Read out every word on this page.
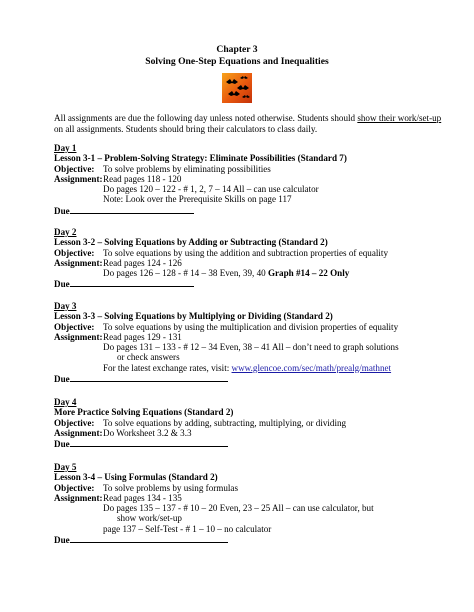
Chapter 3
Solving One-Step Equations and Inequalities
All assignments are due the following day unless noted otherwise. Students should show their work/set-up on all assignments. Students should bring their calculators to class daily.
Day 1
Lesson 3-1 – Problem-Solving Strategy: Eliminate Possibilities (Standard 7)
Objective: To solve problems by eliminating possibilities
Assignment: Read pages 118 - 120
Do pages 120 – 122 - # 1, 2, 7 – 14 All – can use calculator
Note: Look over the Prerequisite Skills on page 117
Due
Day 2
Lesson 3-2 – Solving Equations by Adding or Subtracting (Standard 2)
Objective: To solve equations by using the addition and subtraction properties of equality
Assignment: Read pages 124 - 126
Do pages 126 – 128 - # 14 – 38 Even, 39, 40 Graph #14 – 22 Only
Due
Day 3
Lesson 3-3 – Solving Equations by Multiplying or Dividing (Standard 2)
Objective: To solve equations by using the multiplication and division properties of equality
Assignment: Read pages 129 - 131
Do pages 131 – 133 - # 12 – 34 Even, 38 – 41 All – don’t need to graph solutions
or check answers
For the latest exchange rates, visit: www.glencoe.com/sec/math/prealg/mathnet
Due
Day 4
More Practice Solving Equations (Standard 2)
Objective: To solve equations by adding, subtracting, multiplying, or dividing
Assignment: Do Worksheet 3.2 & 3.3
Due
Day 5
Lesson 3-4 – Using Formulas (Standard 2)
Objective: To solve problems by using formulas
Assignment: Read pages 134 - 135
Do pages 135 – 137 - # 10 – 20 Even, 23 – 25 All – can use calculator, but
show work/set-up
page 137 – Self-Test - # 1 – 10 – no calculator
Due
